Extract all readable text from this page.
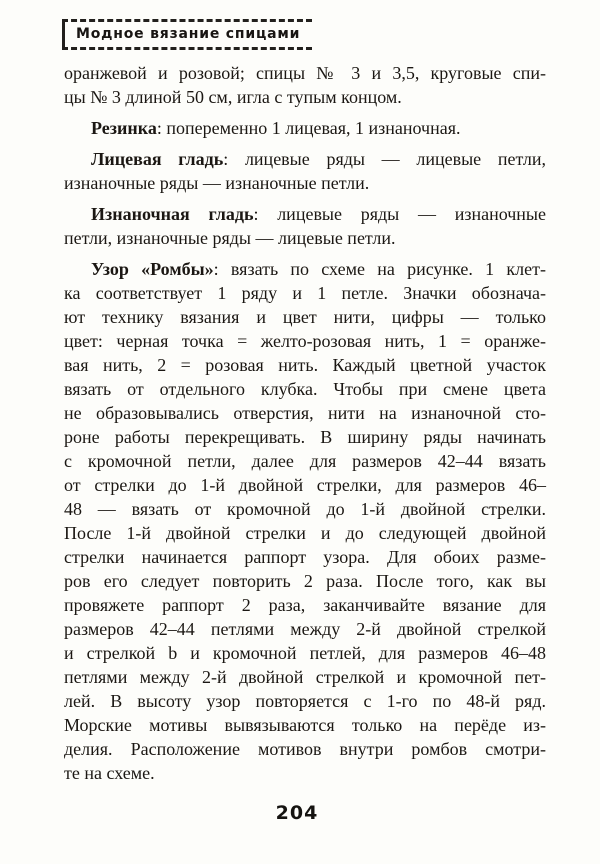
Модное вязание спицами
оранжевой и розовой; спицы № 3 и 3,5, круговые спи-
цы № 3 длиной 50 см, игла с тупым концом.
Резинка: попеременно 1 лицевая, 1 изнаночная.
Лицевая гладь: лицевые ряды — лицевые петли,
изнаночные ряды — изнаночные петли.
Изнаночная гладь: лицевые ряды — изнаночные
петли, изнаночные ряды — лицевые петли.
Узор «Ромбы»: вязать по схеме на рисунке. 1 клет-
ка соответствует 1 ряду и 1 петле. Значки обознача-
ют технику вязания и цвет нити, цифры — только
цвет: черная точка = желто-розовая нить, 1 = оранже-
вая нить, 2 = розовая нить. Каждый цветной участок
вязать от отдельного клубка. Чтобы при смене цвета
не образовывались отверстия, нити на изнаночной сто-
роне работы перекрещивать. В ширину ряды начинать
с кромочной петли, далее для размеров 42–44 вязать
от стрелки до 1-й двойной стрелки, для размеров 46–
48 — вязать от кромочной до 1-й двойной стрелки.
После 1-й двойной стрелки и до следующей двойной
стрелки начинается раппорт узора. Для обоих разме-
ров его следует повторить 2 раза. После того, как вы
провяжете раппорт 2 раза, заканчивайте вязание для
размеров 42–44 петлями между 2-й двойной стрелкой
и стрелкой b и кромочной петлей, для размеров 46–48
петлями между 2-й двойной стрелкой и кромочной пет-
лей. В высоту узор повторяется с 1-го по 48-й ряд.
Морские мотивы вывязываются только на перёде из-
делия. Расположение мотивов внутри ромбов смотри-
те на схеме.
204
